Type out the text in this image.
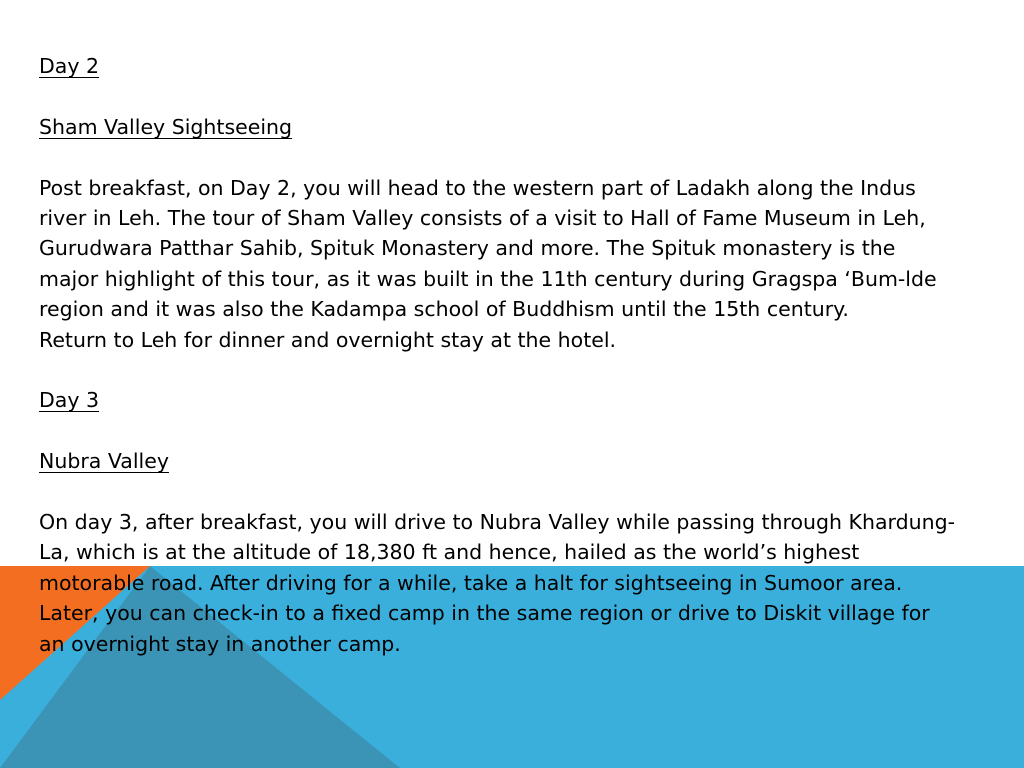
Day 2
Sham Valley Sightseeing
Post breakfast, on Day 2, you will head to the western part of Ladakh along the Indus
river in Leh. The tour of Sham Valley consists of a visit to Hall of Fame Museum in Leh,
Gurudwara Patthar Sahib, Spituk Monastery and more. The Spituk monastery is the
major highlight of this tour, as it was built in the 11th century during Gragspa ‘Bum-lde
region and it was also the Kadampa school of Buddhism until the 15th century.
Return to Leh for dinner and overnight stay at the hotel.
Day 3
Nubra Valley
On day 3, after breakfast, you will drive to Nubra Valley while passing through Khardung-
La, which is at the altitude of 18,380 ft and hence, hailed as the world’s highest
motorable road. After driving for a while, take a halt for sightseeing in Sumoor area.
Later, you can check-in to a fixed camp in the same region or drive to Diskit village for
an overnight stay in another camp.
